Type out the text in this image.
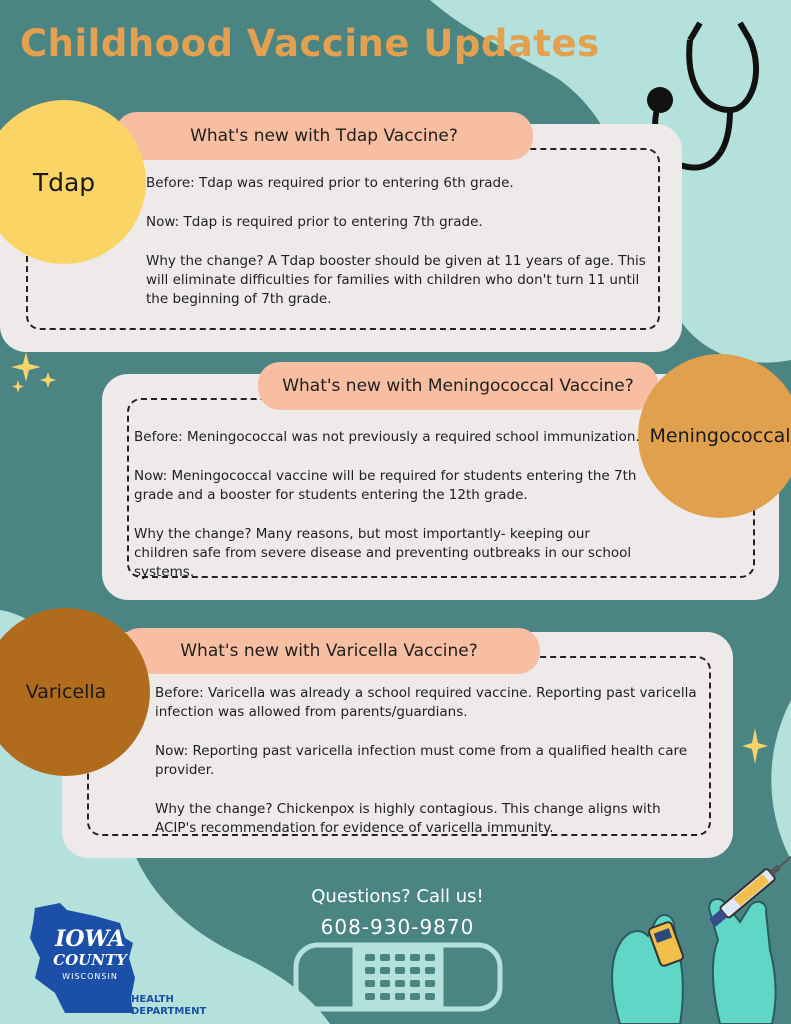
Childhood Vaccine Updates
What's new with Tdap Vaccine?
Tdap	Before: Tdap was required prior to entering 6th grade.

Now: Tdap is required prior to entering 7th grade.

Why the change? A Tdap booster should be given at 11 years of age. This will eliminate difficulties for families with children who don't turn 11 until the beginning of 7th grade.

What's new with Meningococcal Vaccine?
Meningococcal

Before: Meningococcal was not previously a required school immunization.

Now: Meningococcal vaccine will be required for students entering the 7th grade and a booster for students entering the 12th grade.

Why the change? Many reasons, but most importantly- keeping our children safe from severe disease and preventing outbreaks in our school systems.

What's new with Varicella Vaccine?
Varicella	Before: Varicella was already a school required vaccine. Reporting past varicella infection was allowed from parents/guardians.

Now: Reporting past varicella infection must come from a qualified health care provider.

Why the change? Chickenpox is highly contagious. This change aligns with ACIP's recommendation for evidence of varicella immunity.

Questions? Call us!
608-930-9870
IOWA
COUNTY
WISCONSIN
HEALTH
DEPARTMENT
